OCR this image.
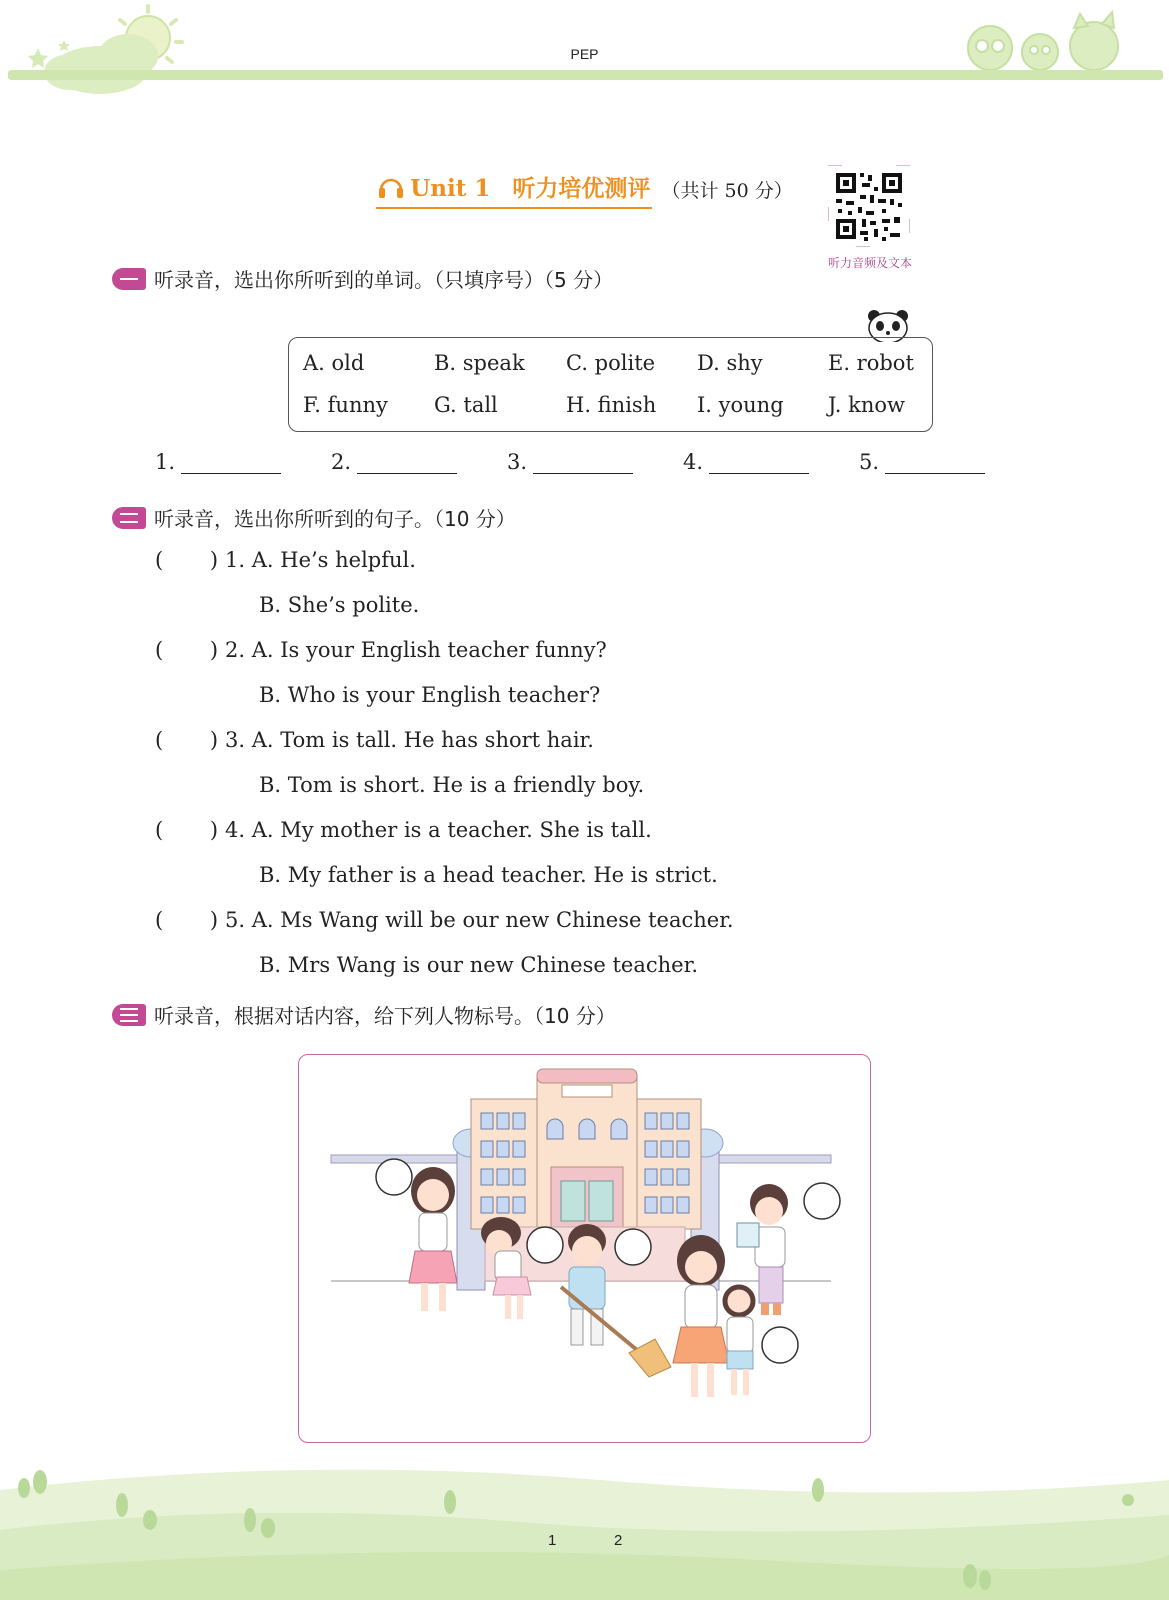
PEP
Unit 1 听力培优测评 （共计 50 分）
听力音频及文本
听录音，选出你所听到的单词。（只填序号）（5 分）
A. old	B. speak C. polite D. shy	E. robot
F. funny G. tall	H. finish I. young J. know
1.	2.	3.	4.	5.
听录音，选出你所听到的句子。（10 分）
(       ) 1. A. He’s helpful.
B. She’s polite.
(       ) 2. A. Is your English teacher funny?
B. Who is your English teacher?
(       ) 3. A. Tom is tall. He has short hair.
B. Tom is short. He is a friendly boy.
(       ) 4. A. My mother is a teacher. She is tall.
B. My father is a head teacher. He is strict.
(       ) 5. A. Ms Wang will be our new Chinese teacher.
B. Mrs Wang is our new Chinese teacher.
听录音，根据对话内容，给下列人物标号。（10 分）
1	2
